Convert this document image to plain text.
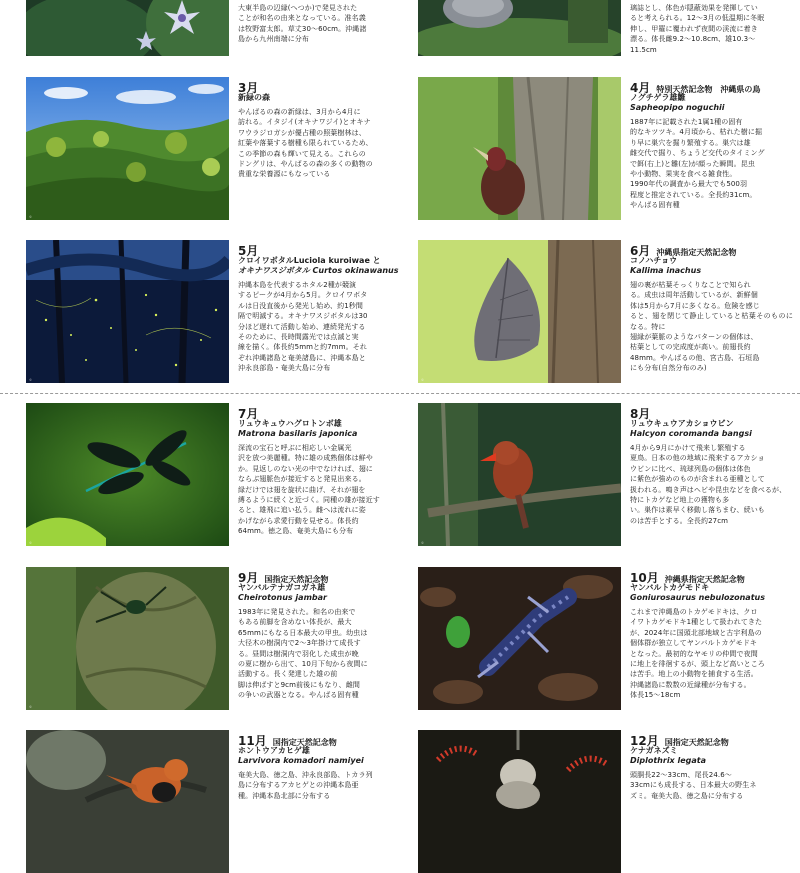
大東半島の辺縁(へつか)で発見された
ことが和名の由来となっている。准名義
は牧野富太郎。草丈30〜60cm。沖縄諸
島から九州南端に分布
璃誌とし、体色が隠蔽効果を発揮してい
ると考えられる。12〜3月の低温期に冬眠
伸し、甲羅に覆われず夜間の渓流に着き
漂る。体長雌9.2〜10.8cm、雄10.3〜
11.5cm
©
3月
新緑の森
やんばるの森の新緑は、3月から4月に
訪れる。イタジイ(オキナワジイ)とオキナ
ワウラジロガシが優占種の照葉樹林は、
紅葉や落葉する樹種も限られているため、
この季節の森も輝いて見える。これらの
ドングリは、やんばるの森の多くの動物の
貴重な栄養源にもなっている
4月 特別天然記念物　沖縄県の鳥
ノグチゲラ雄雛
Sapheopipo noguchii
1887年に記載された1属1種の固有
的なキツツキ。4月頃から、枯れた樹に掘
り早に巣穴を掘り繁殖する。巣穴は雄
雌交代で掘り、ちょうど交代のタイミング
で餌(右上)と雛(左)が顔った瞬間。昆虫
や小動物、果実を食べる雑食性。
1990年代の調査から最大でも500羽
程度と推定されている。全長約31cm。
やんばる固有種
©
5月
クロイワボタルLuciola kuroiwae と
オキナワスジボタル Curtos okinawanus
沖縄本島を代表するホタル2種が競演
するピークが4月から5月。クロイワボタ
ルは日没直後から発光し始め、約1秒間
隔で明滅する。オキナワスジボタルは30
分ほど遅れて活動し始め、連続発光する
そのために、長時間露光では点滅と実
線を描く。体長約5mmと約7mm。それ
ぞれ沖縄諸島と奄美諸島に、沖縄本島と
沖永良部島・奄美大島に分布
©
6月 沖縄県指定天然記念物
コノハチョウ
Kallima inachus
翅の裏が枯葉そっくりなことで知られ
る。成虫は周年活動しているが、新鮮個
体は5月から7月に多くなる。危険を感じ
ると、翅を閉じて静止していると枯葉そのものになる。特に
翅縁が葉脈のようなパターンの個体は、
枯葉としての完成度が高い。前翅長約
48mm。やんばるの他、宮古島、石垣島
にも分布(自然分布のみ)
©
7月
リュウキュウハグロトンボ雄
Matrona basilaris japonica
深流の宝石と呼ぶに相応しい金属光
沢を放つ美麗種。特に雄の成熟個体は鮮や
か。見返しのない光の中でなければ、翅に
ならぶ翅脈色が接近すると発見出来る。
緑だけでは翅を旋状に曲げ、それが翅を
縛るように続くと近づく。同種の雄が接近す
ると、雄飛に追い払う。雌へは流れに姿
かげながら求愛行動を見せる。体長約
64mm。徳之島、奄美大島にも分布
©
8月
リュウキュウアカショウビン
Halcyon coromanda bangsi
4月から9月にかけて飛来し繁殖する
夏鳥。日本の他の地域に飛来するアカショ
ウビンに比べ、琉球列島の個体は体色
に紫色が強めのものが含まれる亜種として
扱われる。鳴き声はヘビや昆虫などを食べるが、
特にトカゲなど地上の獲物も多
い。巣作は素早く移動し落ちまむ、続いも
のは苦手とする。全長約27cm
©
9月 国指定天然記念物
ヤンバルテナガコガネ雄
Cheirotonus jambar
1983年に発見された。和名の由来で
もある前脚を含めない体長が、最大
65mmにもなる日本最大の甲虫。幼虫は
大径木の樹洞内で2〜3年掛けて成長す
る。昼間は樹洞内で羽化した成虫が晩
の夏に樹から出て、10月下旬から夜間に
活動する。長く発達した雄の前
脚は伸ばすと9cm前後にもなり、雌間
の争いの武器となる。やんばる固有種
10月 沖縄県指定天然記念物
ヤンバルトカゲモドキ
Goniurosaurus nebulozonatus
これまで沖縄島のトカゲモドキは、クロ
イワトカゲモドキ1種として扱われてきた
が、2024年に国頭北部地域と古宇利島の
個体群が独立してヤンバルトカゲモドキ
となった。最初的なヤモリの仲間で夜間
に地上を徘徊するが、頭上など高いところ
は苦手。地上の小動物を捕食する生活。
沖縄諸島に数数の近縁種が分布する。
体長15〜18cm
11月 国指定天然記念物
ホントウアカヒゲ雄
Larvivora komadori namiyei
奄美大島、徳之島、沖永良部島、トカラ列
島に分布するアカヒゲとの沖縄本島亜
種。沖縄本島北部に分布する
12月 国指定天然記念物
ケナガネズミ
Diplothrix legata
頭胴長22〜33cm、尾長24.6〜
33cmにも成長する、日本最大の野生ネ
ズミ。奄美大島、徳之島に分布する
